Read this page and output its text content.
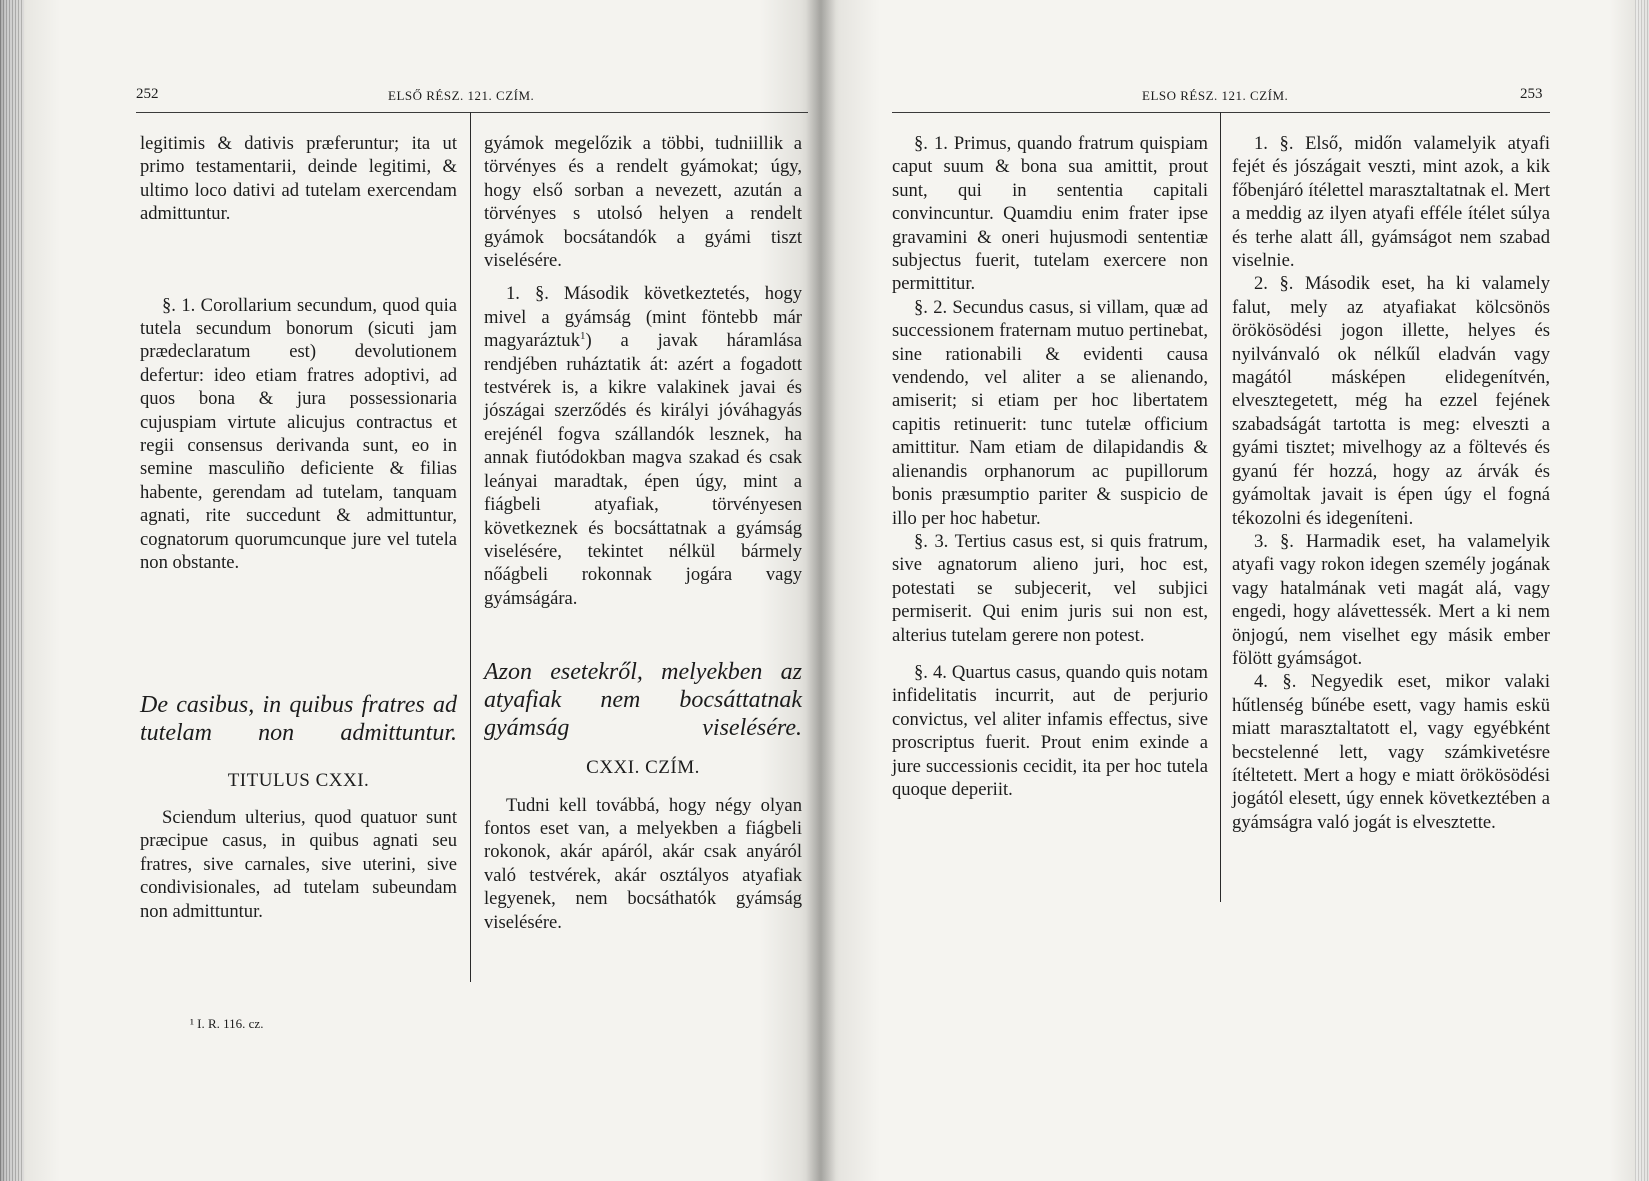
252	ELSŐ RÉSZ. 121. CZÍM.

legitimis & dativis præferuntur; ita ut primo testamentarii, deinde legitimi, & ultimo loco dativi ad tutelam exercendam admittuntur.

§. 1. Corollarium secundum, quod quia tutela secundum bonorum (sicuti jam prædeclaratum est) devolutionem defertur: ideo etiam fratres adoptivi, ad quos bona & jura possessionaria cujuspiam virtute alicujus contractus et regii consensus derivanda sunt, eo in semine masculiño deficiente & filias habente, gerendam ad tutelam, tanquam agnati, rite succedunt & admittuntur, cognatorum quorumcunque jure vel tutela non obstante.

De casibus, in quibus fratres ad tutelam non admittuntur.

TITULUS CXXI.

Sciendum ulterius, quod quatuor sunt præcipue casus, in quibus agnati seu fratres, sive carnales, sive uterini, sive condivisionales, ad tutelam subeundam non admittuntur.

gyámok megelőzik a többi, tudniillik a törvényes és a rendelt gyámokat; úgy, hogy első sorban a nevezett, azután a törvényes s utolsó helyen a rendelt gyámok bocsátandók a gyámi tiszt viselésére.

1. §. Második következtetés, hogy mivel a gyámság (mint föntebb már magyaráztuk$^1$) a javak háramlása rendjében ruháztatik át: azért a fogadott testvérek is, a kikre valakinek javai és jószágai szerződés és királyi jóváhagyás erejénél fogva szállandók lesznek, ha annak fiutódokban magva szakad és csak leányai maradtak, épen úgy, mint a fiágbeli atyafiak, törvényesen következnek és bocsáttatnak a gyámság viselésére, tekintet nélkül bármely nőágbeli rokonnak jogára vagy gyámságára.

Azon esetekről, melyekben az atyafiak nem bocsáttatnak gyámság viselésére.

CXXI. CZÍM.

Tudni kell továbbá, hogy négy olyan fontos eset van, a melyekben a fiágbeli rokonok, akár apáról, akár csak anyáról való testvérek, akár osztályos atyafiak legyenek, nem bocsáthatók gyámság viselésére.

¹ I. R. 116. cz.
ELSO RÉSZ. 121. CZÍM.	253

§. 1. Primus, quando fratrum quispiam caput suum & bona sua amittit, prout sunt, qui in sententia capitali convincuntur. Quamdiu enim frater ipse gravamini & oneri hujusmodi sententiæ subjectus fuerit, tutelam exercere non permittitur.

§. 2. Secundus casus, si villam, quæ ad successionem fraternam mutuo pertinebat, sine rationabili & evidenti causa vendendo, vel aliter a se alienando, amiserit; si etiam per hoc libertatem capitis retinuerit: tunc tutelæ officium amittitur. Nam etiam de dilapidandis & alienandis orphanorum ac pupillorum bonis præsumptio pariter & suspicio de illo per hoc habetur.

§. 3. Tertius casus est, si quis fratrum, sive agnatorum alieno juri, hoc est, potestati se subjecerit, vel subjici permiserit. Qui enim juris sui non est, alterius tutelam gerere non potest.

§. 4. Quartus casus, quando quis notam infidelitatis incurrit, aut de perjurio convictus, vel aliter infamis effectus, sive proscriptus fuerit. Prout enim exinde a jure successionis cecidit, ita per hoc tutela quoque deperiit.

1. §. Első, midőn valamelyik atyafi fejét és jószágait veszti, mint azok, a kik főbenjáró ítélettel marasztaltatnak el. Mert a meddig az ilyen atyafi efféle ítélet súlya és terhe alatt áll, gyámságot nem szabad viselnie.

2. §. Második eset, ha ki valamely falut, mely az atyafiakat kölcsönös örökösödési jogon illette, helyes és nyilvánvaló ok nélkűl eladván vagy magától másképen elidegenítvén, elvesztegetett, még ha ezzel fejének szabadságát tartotta is meg: elveszti a gyámi tisztet; mivelhogy az a föltevés és gyanú fér hozzá, hogy az árvák és gyámoltak javait is épen úgy el fogná tékozolni és idegeníteni.

3. §. Harmadik eset, ha valamelyik atyafi vagy rokon idegen személy jogának vagy hatalmának veti magát alá, vagy engedi, hogy alávettessék. Mert a ki nem önjogú, nem viselhet egy másik ember fölött gyámságot.

4. §. Negyedik eset, mikor valaki hűtlenség bűnébe esett, vagy hamis eskü miatt marasztaltatott el, vagy egyébként becstelenné lett, vagy számkivetésre ítéltetett. Mert a hogy e miatt örökösödési jogától elesett, úgy ennek következtében a gyámságra való jogát is elvesztette.
